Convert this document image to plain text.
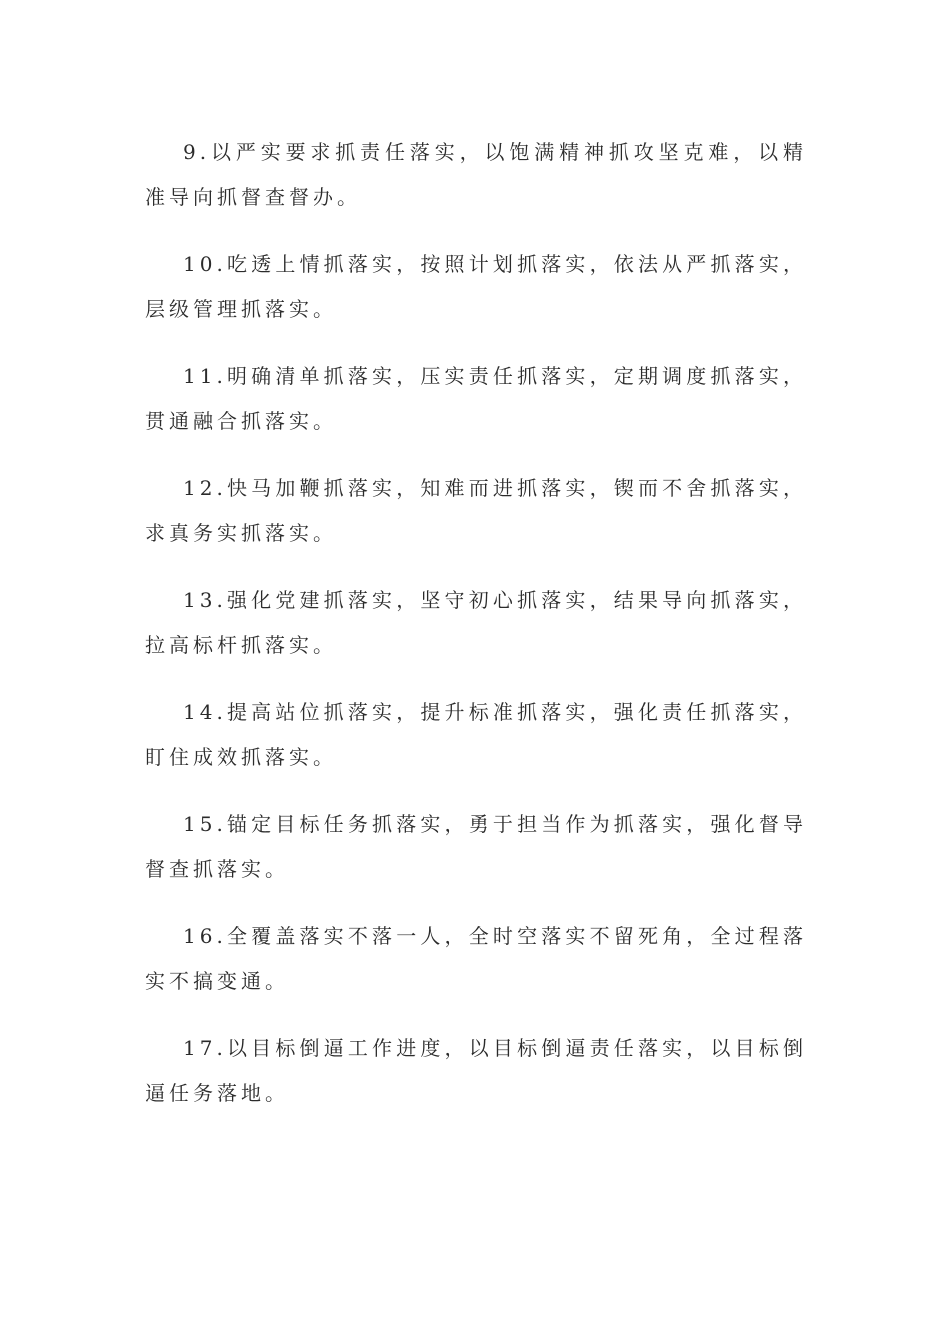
9.以严实要求抓责任落实，以饱满精神抓攻坚克难，以精准导向抓督查督办。

10.吃透上情抓落实，按照计划抓落实，依法从严抓落实，层级管理抓落实。

11.明确清单抓落实，压实责任抓落实，定期调度抓落实，贯通融合抓落实。

12.快马加鞭抓落实，知难而进抓落实，锲而不舍抓落实，求真务实抓落实。

13.强化党建抓落实，坚守初心抓落实，结果导向抓落实，拉高标杆抓落实。

14.提高站位抓落实，提升标准抓落实，强化责任抓落实，盯住成效抓落实。

15.锚定目标任务抓落实，勇于担当作为抓落实，强化督导督查抓落实。

16.全覆盖落实不落一人，全时空落实不留死角，全过程落实不搞变通。

17.以目标倒逼工作进度，以目标倒逼责任落实，以目标倒逼任务落地。
